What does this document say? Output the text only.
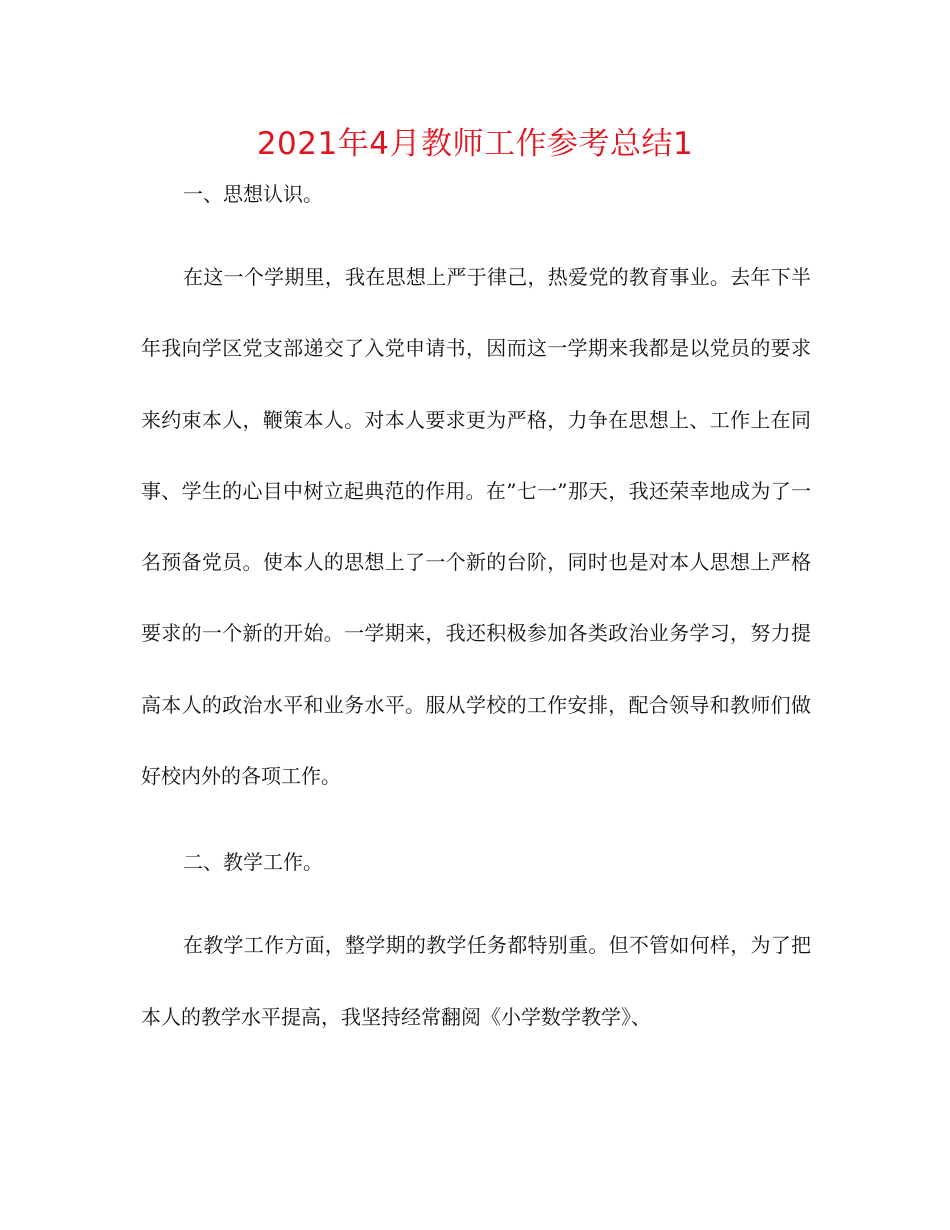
2021年4月教师工作参考总结1

一、思想认识。

在这一个学期里，我在思想上严于律己，热爱党的教育事业。去年下半年我向学区党支部递交了入党申请书，因而这一学期来我都是以党员的要求来约束本人，鞭策本人。对本人要求更为严格，力争在思想上、工作上在同事、学生的心目中树立起典范的作用。在”七一”那天，我还荣幸地成为了一名预备党员。使本人的思想上了一个新的台阶，同时也是对本人思想上严格要求的一个新的开始。一学期来，我还积极参加各类政治业务学习，努力提高本人的政治水平和业务水平。服从学校的工作安排，配合领导和教师们做好校内外的各项工作。

二、教学工作。

在教学工作方面，整学期的教学任务都特别重。但不管如何样，为了把本人的教学水平提高，我坚持经常翻阅《小学数学教学》、
